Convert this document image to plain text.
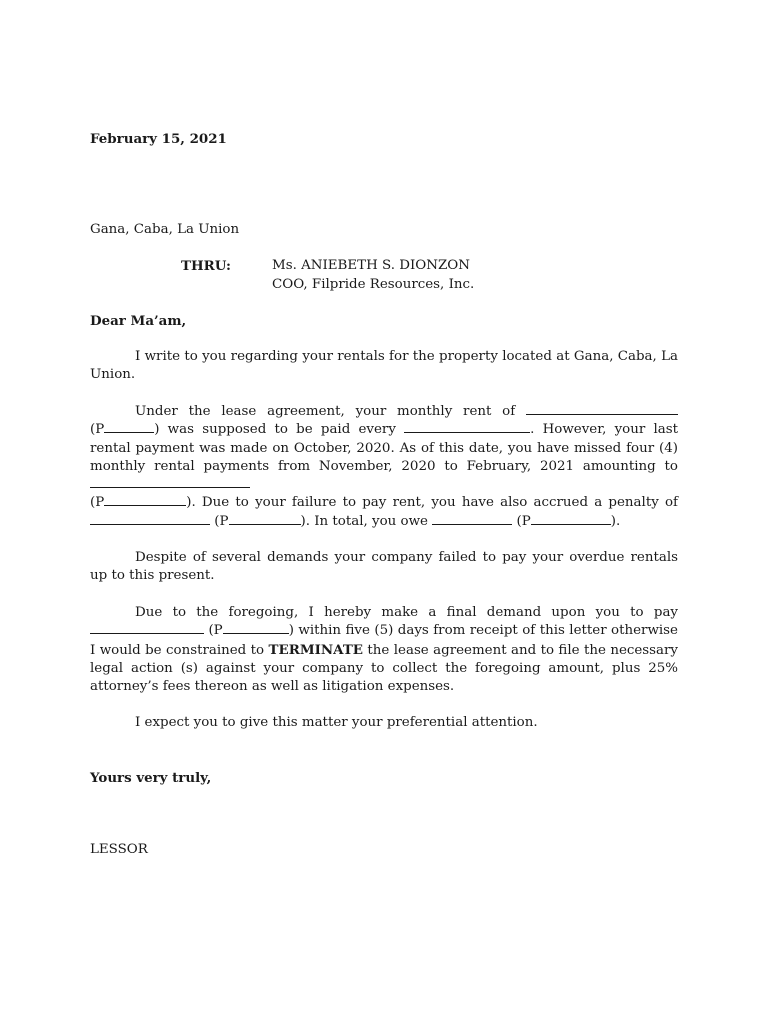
February 15, 2021
Gana, Caba, La Union
THRU:	Ms. ANIEBETH S. DIONZON
COO, Filpride Resources, Inc.
Dear Ma’am,

I write to you regarding your rentals for the property located at Gana, Caba, La Union.

Under the lease agreement, your monthly rent of  (P	) was supposed to be paid every	. However, your last rental payment was made on October, 2020. As of this date, you have missed four (4) monthly rental payments from November, 2020 to February, 2021 amounting to  (P	). Due to your failure to pay rent, you have also accrued a penalty of  (P	). In total, you owe	(P	).

Despite of several demands your company failed to pay your overdue rentals up to this present.

Due to the foregoing, I hereby make a final demand upon you to pay  (P	) within five (5) days from receipt of this letter otherwise I would be constrained to TERMINATE the lease agreement and to file the necessary legal action (s) against your company to collect the foregoing amount, plus 25% attorney’s fees thereon as well as litigation expenses.

I expect you to give this matter your preferential attention.

Yours very truly,
LESSOR
